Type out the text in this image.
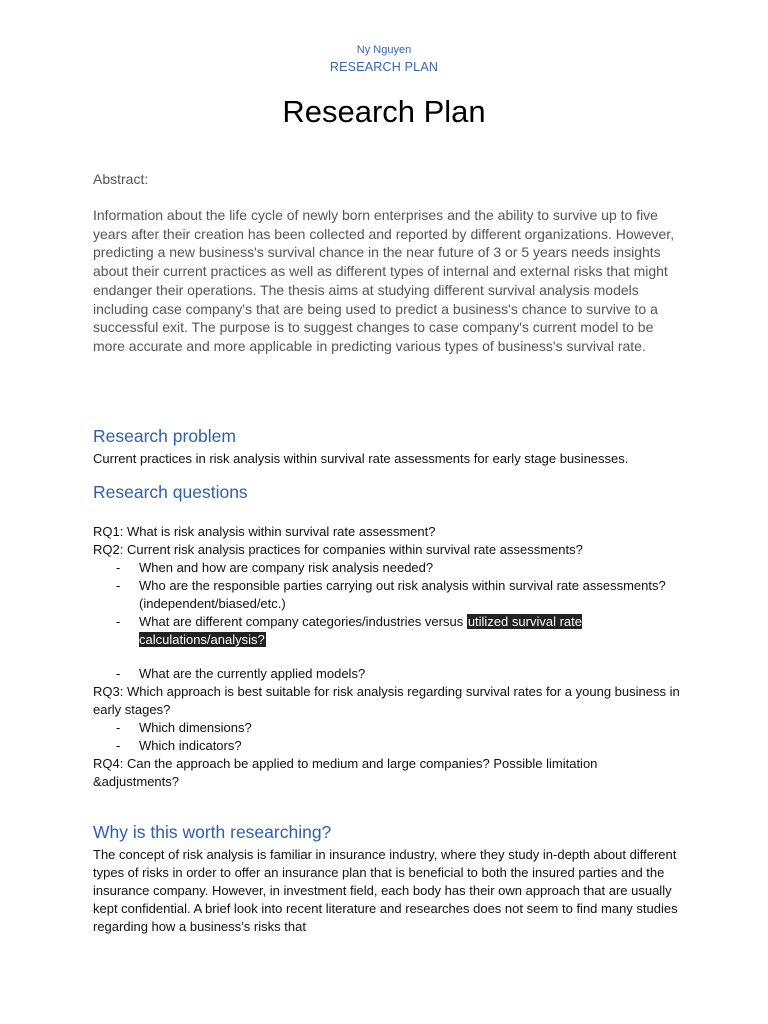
Ny Nguyen
RESEARCH PLAN
Research Plan
Abstract:
Information about the life cycle of newly born enterprises and the ability to survive up to five years after their creation has been collected and reported by different organizations. However, predicting a new business's survival chance in the near future of 3 or 5 years needs insights about their current practices as well as different types of internal and external risks that might endanger their operations. The thesis aims at studying different survival analysis models including case company's that are being used to predict a business's chance to survive to a successful exit. The purpose is to suggest changes to case company's current model to be more accurate and more applicable in predicting various types of business's survival rate.
Research problem
Current practices in risk analysis within survival rate assessments for early stage businesses.
Research questions

RQ1: What is risk analysis within survival rate assessment?

RQ2: Current risk analysis practices for companies within survival rate assessments?

- When and how are company risk analysis needed?

- Who are the responsible parties carrying out risk analysis within survival rate assessments? (independent/biased/etc.)

- What are different company categories/industries versus utilized survival rate calculations/analysis?

- What are the currently applied models?

RQ3: Which approach is best suitable for risk analysis regarding survival rates for a young business in early stages?

- Which dimensions?

- Which indicators?

RQ4: Can the approach be applied to medium and large companies? Possible limitation &adjustments?

Why is this worth researching?
The concept of risk analysis is familiar in insurance industry, where they study in-depth about different types of risks in order to offer an insurance plan that is beneficial to both the insured parties and the insurance company. However, in investment field, each body has their own approach that are usually kept confidential. A brief look into recent literature and researches does not seem to find many studies regarding how a business’s risks that
